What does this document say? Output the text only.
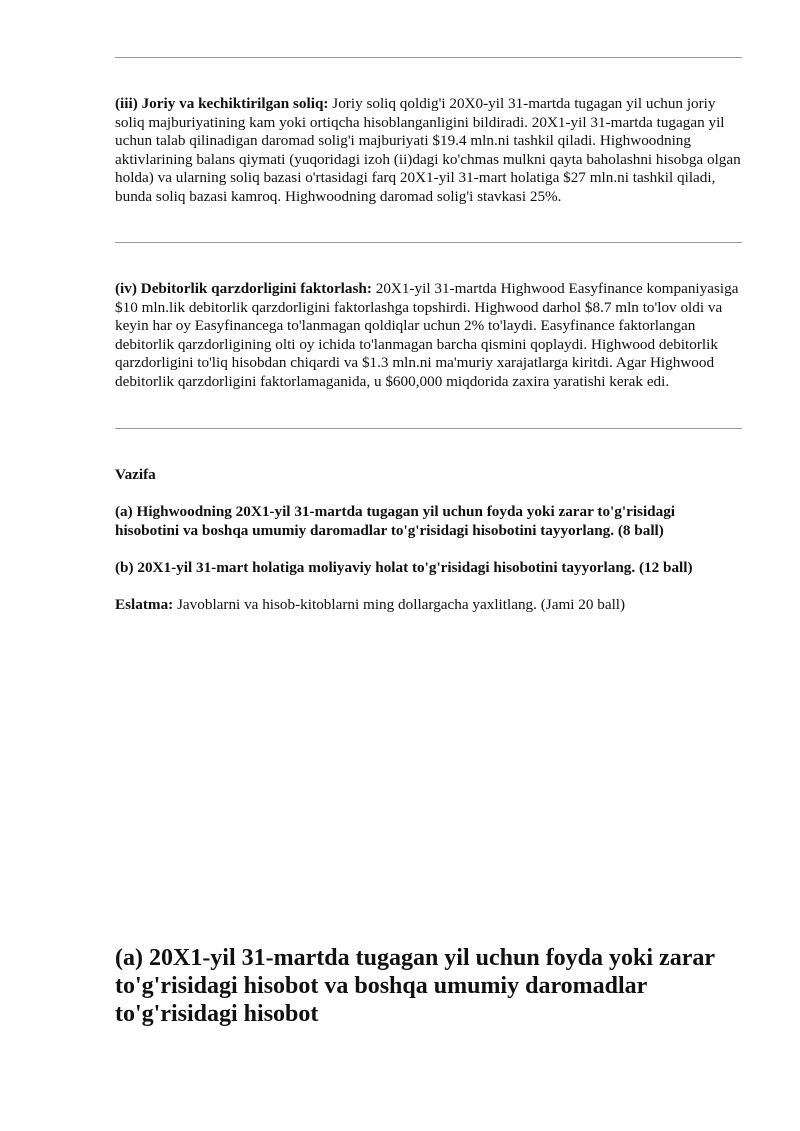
(iii) Joriy va kechiktirilgan soliq: Joriy soliq qoldig'i 20X0-yil 31-martda tugagan yil uchun joriy soliq majburiyatining kam yoki ortiqcha hisoblanganligini bildiradi. 20X1-yil 31-martda tugagan yil uchun talab qilinadigan daromad solig'i majburiyati $19.4 mln.ni tashkil qiladi. Highwoodning aktivlarining balans qiymati (yuqoridagi izoh (ii)dagi ko'chmas mulkni qayta baholashni hisobga olgan holda) va ularning soliq bazasi o'rtasidagi farq 20X1-yil 31-mart holatiga $27 mln.ni tashkil qiladi, bunda soliq bazasi kamroq. Highwoodning daromad solig'i stavkasi 25%.

(iv) Debitorlik qarzdorligini faktorlash: 20X1-yil 31-martda Highwood Easyfinance kompaniyasiga $10 mln.lik debitorlik qarzdorligini faktorlashga topshirdi. Highwood darhol $8.7 mln to'lov oldi va keyin har oy Easyfinancega to'lanmagan qoldiqlar uchun 2% to'laydi. Easyfinance faktorlangan debitorlik qarzdorligining olti oy ichida to'lanmagan barcha qismini qoplaydi. Highwood debitorlik qarzdorligini to'liq hisobdan chiqardi va $1.3 mln.ni ma'muriy xarajatlarga kiritdi. Agar Highwood debitorlik qarzdorligini faktorlamaganida, u $600,000 miqdorida zaxira yaratishi kerak edi.

Vazifa

(a) Highwoodning 20X1-yil 31-martda tugagan yil uchun foyda yoki zarar to'g'risidagi hisobotini va boshqa umumiy daromadlar to'g'risidagi hisobotini tayyorlang. (8 ball)

(b) 20X1-yil 31-mart holatiga moliyaviy holat to'g'risidagi hisobotini tayyorlang. (12 ball)

Eslatma: Javoblarni va hisob-kitoblarni ming dollargacha yaxlitlang. (Jami 20 ball)

(a) 20X1-yil 31-martda tugagan yil uchun foyda yoki zarar to'g'risidagi hisobot va boshqa umumiy daromadlar to'g'risidagi hisobot
